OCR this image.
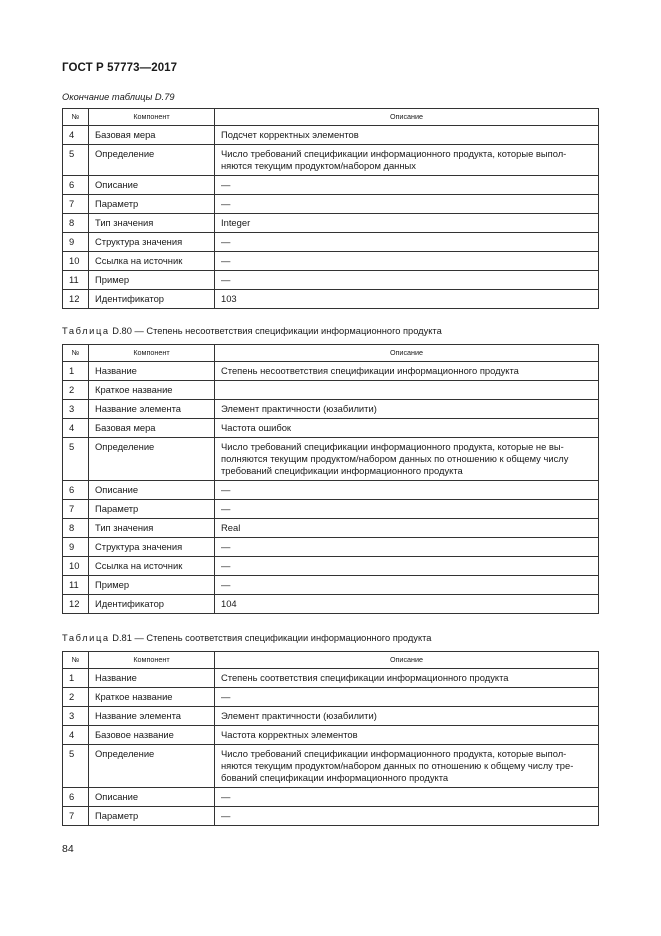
ГОСТ Р 57773—2017
Окончание таблицы D.79
№	Компонент	Описание
4	Базовая мера	Подсчет корректных элементов
5	Определение	Число требований спецификации информационного продукта, которые выпол-няются текущим продуктом/набором данных
6	Описание	—
7	Параметр	—
8	Тип значения	Integer
9	Структура значения	—
10	Ссылка на источник	—
11	Пример	—
12	Идентификатор	103
Таблица D.80 — Степень несоответствия спецификации информационного продукта
№	Компонент	Описание
1	Название	Степень несоответствия спецификации информационного продукта
2	Краткое название	
3	Название элемента	Элемент практичности (юзабилити)
4	Базовая мера	Частота ошибок
5	Определение	Число требований спецификации информационного продукта, которые не вы-полняются текущим продуктом/набором данных по отношению к общему числу требований спецификации информационного продукта
6	Описание	—
7	Параметр	—
8	Тип значения	Real
9	Структура значения	—
10	Ссылка на источник	—
11	Пример	—
12	Идентификатор	104
Таблица D.81 — Степень соответствия спецификации информационного продукта
№	Компонент	Описание
1	Название	Степень соответствия спецификации информационного продукта
2	Краткое название	—
3	Название элемента	Элемент практичности (юзабилити)
4	Базовое название	Частота корректных элементов
5	Определение	Число требований спецификации информационного продукта, которые выпол-няются текущим продуктом/набором данных по отношению к общему числу тре-бований спецификации информационного продукта
6	Описание	—
7	Параметр	—
84
